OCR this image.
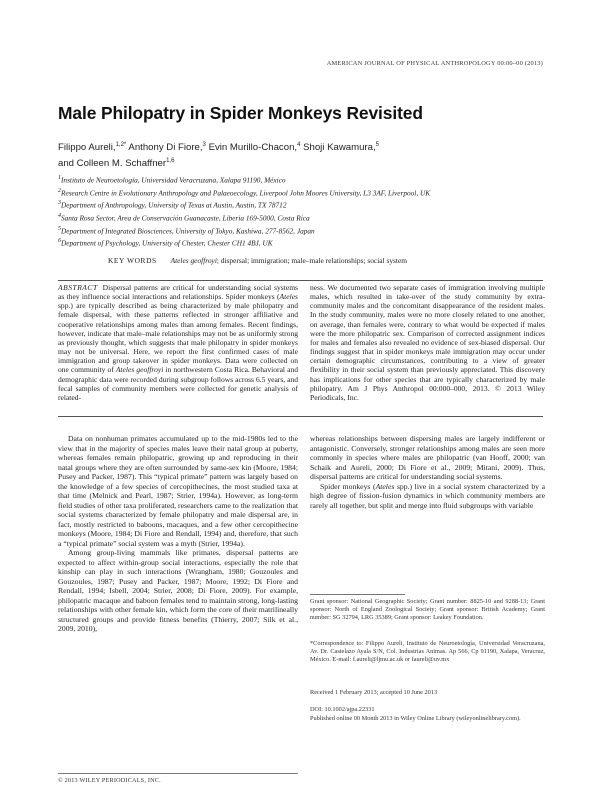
AMERICAN JOURNAL OF PHYSICAL ANTHROPOLOGY 00:00–00 (2013)
Male Philopatry in Spider Monkeys Revisited
Filippo Aureli,$^{1,2*}$ Anthony Di Fiore,$^3$ Evin Murillo-Chacon,$^4$ Shoji Kawamura,$^5$
and Colleen M. Schaffner$^{1,6}$
$^1$Instituto de Neuroetología, Universidad Veracruzana, Xalapa 91190, México
$^2$Research Centre in Evolutionary Anthropology and Palaeoecology, Liverpool John Moores University, L3 3AF, Liverpool, UK
$^3$Department of Anthropology, University of Texas at Austin, Austin, TX 78712
$^4$Santa Rosa Sector, Area de Conservación Guanacaste, Liberia 169-5000, Costa Rica
$^5$Department of Integrated Biosciences, University of Tokyo, Kashiwa, 277-8562, Japan
$^6$Department of Psychology, University of Chester, Chester CH1 4BJ, UK
KEY WORDS Ateles geoffroyi; dispersal; immigration; male–male relationships; social system
ABSTRACT Dispersal patterns are critical for understanding social systems as they influence social interactions and relationships. Spider monkeys (Ateles spp.) are typically described as being characterized by male philopatry and female dispersal, with these patterns reflected in stronger affiliative and cooperative relationships among males than among females. Recent findings, however, indicate that male–male relationships may not be as uniformly strong as previously thought, which suggests that male philopatry in spider monkeys may not be universal. Here, we report the first confirmed cases of male immigration and group takeover in spider monkeys. Data were collected on one community of Ateles geoffroyi in northwestern Costa Rica. Behavioral and demographic data were recorded during subgroup follows across 6.5 years, and fecal samples of community members were collected for genetic analysis of related-
ness. We documented two separate cases of immigration involving multiple males, which resulted in take-over of the study community by extra-community males and the concomitant disappearance of the resident males. In the study community, males were no more closely related to one another, on average, than females were, contrary to what would be expected if males were the more philopatric sex. Comparison of corrected assignment indices for males and females also revealed no evidence of sex-biased dispersal. Our findings suggest that in spider monkeys male immigration may occur under certain demographic circumstances, contributing to a view of greater flexibility in their social system than previously appreciated. This discovery has implications for other species that are typically characterized by male philopatry. Am J Phys Anthropol 00:000–000, 2013. © 2013 Wiley Periodicals, Inc.

Data on nonhuman primates accumulated up to the mid-1980s led to the view that in the majority of species males leave their natal group at puberty, whereas females remain philopatric, growing up and reproducing in their natal groups where they are often surrounded by same-sex kin (Moore, 1984; Pusey and Packer, 1987). This “typical primate” pattern was largely based on the knowledge of a few species of cercopithecines, the most studied taxa at that time (Melnick and Pearl, 1987; Strier, 1994a). However, as long-term field studies of other taxa proliferated, researchers came to the realization that social systems characterized by female philopatry and male dispersal are, in fact, mostly restricted to baboons, macaques, and a few other cercopithecine monkeys (Moore, 1984; Di Fiore and Rendall, 1994) and, therefore, that such a “typical primate” social system was a myth (Strier, 1994a).

Among group-living mammals like primates, dispersal patterns are expected to affect within-group social interactions, especially the role that kinship can play in such interactions (Wrangham, 1980; Gouzoules and Gouzoules, 1987; Pusey and Packer, 1987; Moore, 1992; Di Fiore and Rendall, 1994; Isbell, 2004; Strier, 2008; Di Fiore, 2009). For example, philopatric macaque and baboon females tend to maintain strong, long-lasting relationships with other female kin, which form the core of their matrilineally structured groups and provide fitness benefits (Thierry, 2007; Silk et al., 2009, 2010),

whereas relationships between dispersing males are largely indifferent or antagonistic. Conversely, stronger relationships among males are seen more commonly in species where males are philopatric (van Hooff, 2000; van Schaik and Aureli, 2000; Di Fiore et al., 2009; Mitani, 2009). Thus, dispersal patterns are critical for understanding social systems.

Spider monkeys (Ateles spp.) live in a social system characterized by a high degree of fission-fusion dynamics in which community members are rarely all together, but split and merge into fluid subgroups with variable

Grant sponsor: National Geographic Society; Grant number: 8825-10 and 9288-13; Grant sponsor: North of England Zoological Society; Grant sponsor: British Academy; Grant number: SG 32794, LRG 35389; Grant sponsor: Leakey Foundation.
*Correspondence to: Filippo Aureli, Instituto de Neuroetología, Universidad Veracruzana, Av. Dr. Castelazo Ayala S/N, Col. Industrias Animas. Ap 566, Cp 91190, Xalapa, Veracruz, México. E-mail: f.aureli@ljmu.ac.uk or faureli@uv.mx
Received 1 February 2013; accepted 10 June 2013
DOI: 10.1002/ajpa.22331
Published online 00 Month 2013 in Wiley Online Library (wileyonlinelibrary.com).
© 2013 WILEY PERIODICALS, INC.
